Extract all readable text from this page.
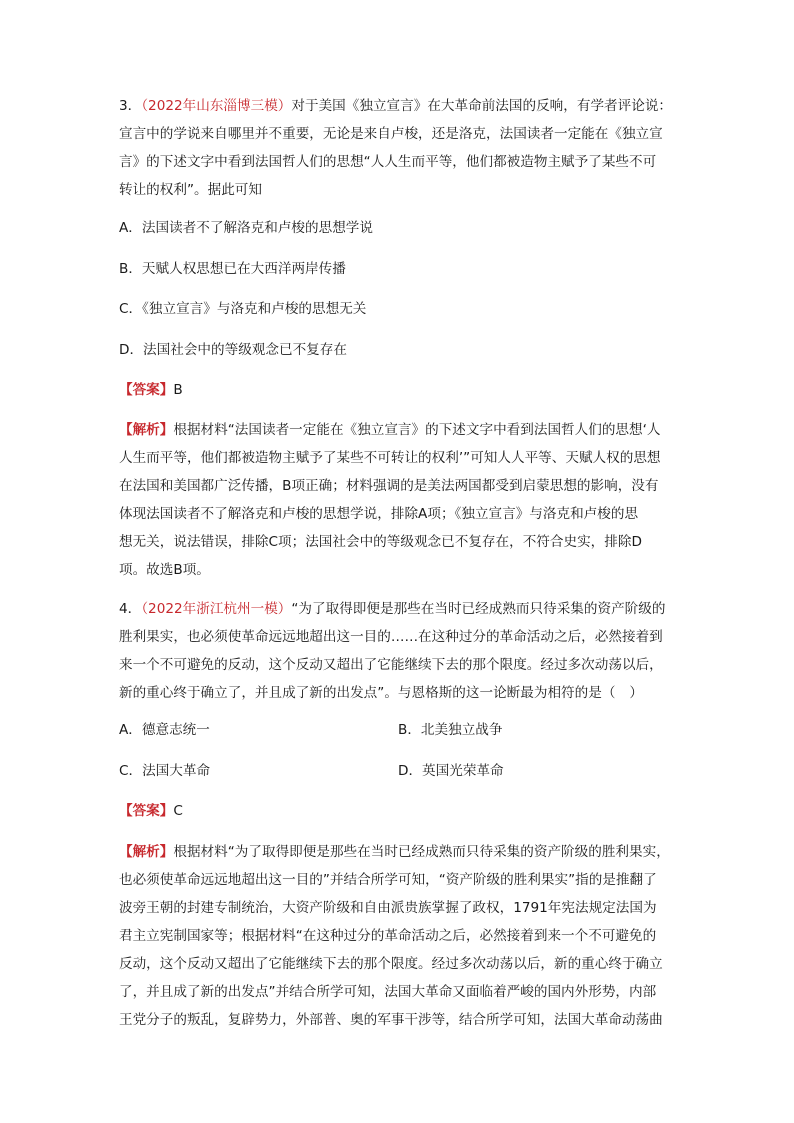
3．（2022年山东淄博三模）对于美国《独立宣言》在大革命前法国的反响，有学者评论说：
宣言中的学说来自哪里并不重要，无论是来自卢梭，还是洛克，法国读者一定能在《独立宣
言》的下述文字中看到法国哲人们的思想“人人生而平等，他们都被造物主赋予了某些不可
转让的权利”。据此可知
A．法国读者不了解洛克和卢梭的思想学说
B．天赋人权思想已在大西洋两岸传播
C．《独立宣言》与洛克和卢梭的思想无关
D．法国社会中的等级观念已不复存在
【答案】B
【解析】根据材料“法国读者一定能在《独立宣言》的下述文字中看到法国哲人们的思想‘人
人生而平等，他们都被造物主赋予了某些不可转让的权利’”可知人人平等、天赋人权的思想
在法国和美国都广泛传播，B项正确；材料强调的是美法两国都受到启蒙思想的影响，没有
体现法国读者不了解洛克和卢梭的思想学说，排除A项；《独立宣言》与洛克和卢梭的思
想无关，说法错误，排除C项；法国社会中的等级观念已不复存在，不符合史实，排除D
项。故选B项。
4．（2022年浙江杭州一模）“为了取得即便是那些在当时已经成熟而只待采集的资产阶级的
胜利果实，也必须使革命远远地超出这一目的……在这种过分的革命活动之后，必然接着到
来一个不可避免的反动，这个反动又超出了它能继续下去的那个限度。经过多次动荡以后，
新的重心终于确立了，并且成了新的出发点”。与恩格斯的这一论断最为相符的是（ ）
A．德意志统一	B．北美独立战争
C．法国大革命	D．英国光荣革命
【答案】C
【解析】根据材料“为了取得即便是那些在当时已经成熟而只待采集的资产阶级的胜利果实，
也必须使革命远远地超出这一目的”并结合所学可知，“资产阶级的胜利果实”指的是推翻了
波旁王朝的封建专制统治，大资产阶级和自由派贵族掌握了政权，1791年宪法规定法国为
君主立宪制国家等；根据材料“在这种过分的革命活动之后，必然接着到来一个不可避免的
反动，这个反动又超出了它能继续下去的那个限度。经过多次动荡以后，新的重心终于确立
了，并且成了新的出发点”并结合所学可知，法国大革命又面临着严峻的国内外形势，内部
王党分子的叛乱，复辟势力，外部普、奥的军事干涉等，结合所学可知，法国大革命动荡曲
